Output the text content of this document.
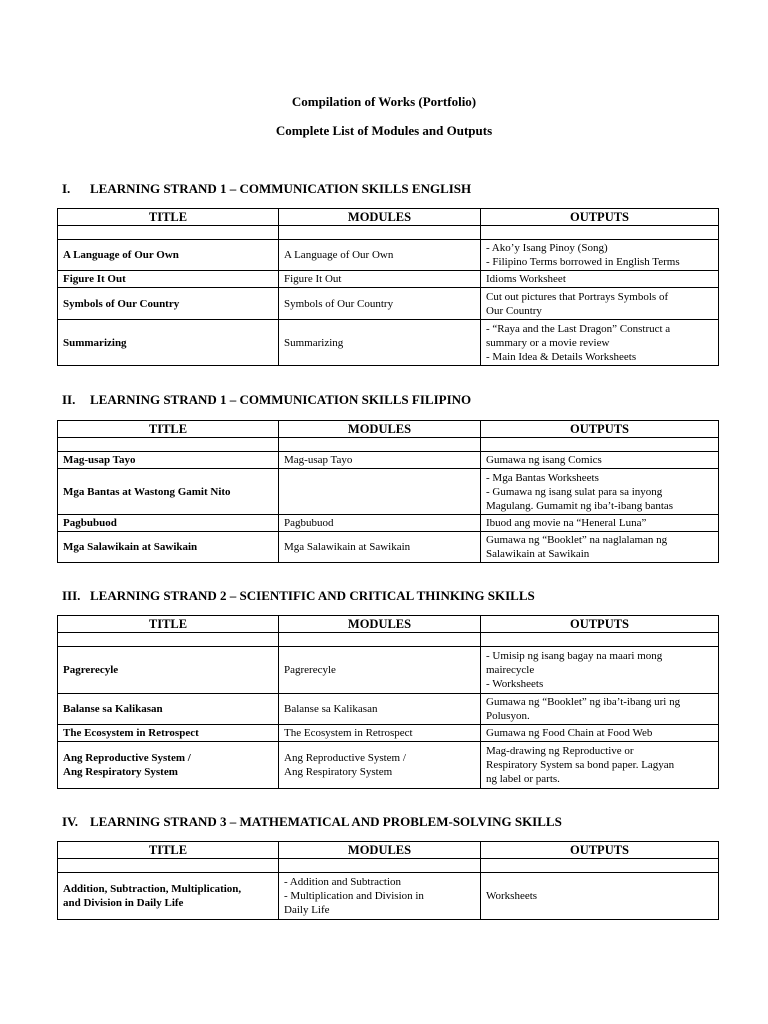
Compilation of Works (Portfolio)
Complete List of Modules and Outputs
I. LEARNING STRAND 1 – COMMUNICATION SKILLS ENGLISH
TITLE	MODULES	OUTPUTS

A Language of Our Own	A Language of Our Own	- Ako’y Isang Pinoy (Song)
- Filipino Terms borrowed in English Terms

Figure It Out	Figure It Out	Idioms Worksheet

Symbols of Our Country	Symbols of Our Country	Cut out pictures that Portrays Symbols of
Our Country

Summarizing	Summarizing	- “Raya and the Last Dragon” Construct a
summary or a movie review
- Main Idea & Details Worksheets
II. LEARNING STRAND 1 – COMMUNICATION SKILLS FILIPINO
TITLE	MODULES	OUTPUTS

Mag-usap Tayo	Mag-usap Tayo	Gumawa ng isang Comics

Mga Bantas at Wastong Gamit Nito		- Mga Bantas Worksheets
- Gumawa ng isang sulat para sa inyong
Magulang. Gumamit ng iba’t-ibang bantas

Pagbubuod	Pagbubuod	Ibuod ang movie na “Heneral Luna”

Mga Salawikain at Sawikain	Mga Salawikain at Sawikain	Gumawa ng “Booklet” na naglalaman ng
Salawikain at Sawikain
III. LEARNING STRAND 2 – SCIENTIFIC AND CRITICAL THINKING SKILLS
TITLE	MODULES	OUTPUTS

Pagrerecyle	Pagrerecyle	- Umisip ng isang bagay na maari mong
mairecycle
- Worksheets

Balanse sa Kalikasan	Balanse sa Kalikasan	Gumawa ng “Booklet” ng iba’t-ibang uri ng
Polusyon.

The Ecosystem in Retrospect	The Ecosystem in Retrospect	Gumawa ng Food Chain at Food Web

Ang Reproductive System /
Ang Respiratory System	Ang Reproductive System /
Ang Respiratory System	Mag-drawing ng Reproductive or
Respiratory System sa bond paper. Lagyan
ng label or parts.
IV. LEARNING STRAND 3 – MATHEMATICAL AND PROBLEM-SOLVING SKILLS
TITLE	MODULES	OUTPUTS

Addition, Subtraction, Multiplication,
and Division in Daily Life	- Addition and Subtraction
- Multiplication and Division in
Daily Life	Worksheets
